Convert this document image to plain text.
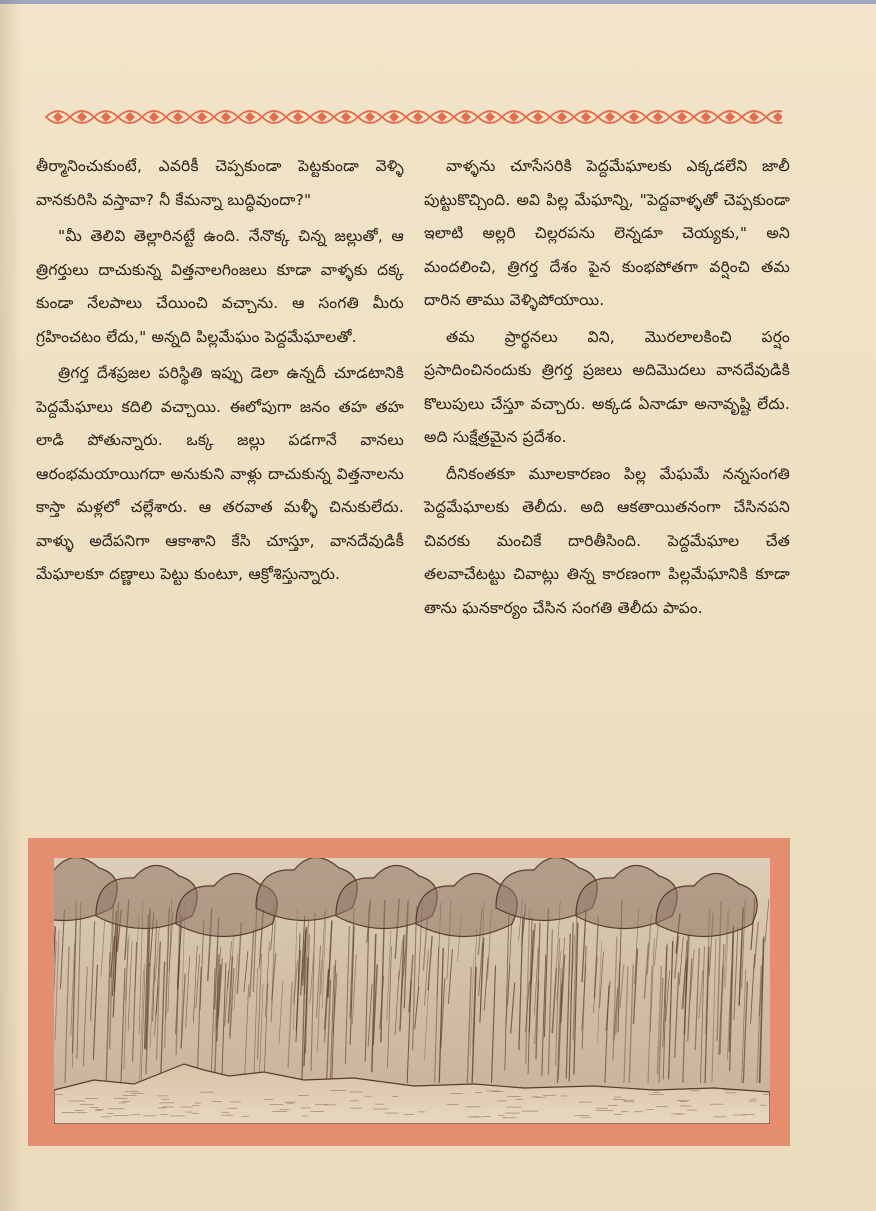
తీర్మానించుకుంటే, ఎవరికీ చెప్పకుండా పెట్టకుండా వెళ్ళి వానకురిసి వస్తావా? నీ కేమన్నా బుద్ధివుందా?"

"మీ తెలివి తెల్లారినట్టే ఉంది. నేనొక్క చిన్న జల్లుతో, ఆ త్రిగర్తులు దాచుకున్న విత్తనాలగింజలు కూడా వాళ్ళకు దక్క కుండా నేలపాలు చేయించి వచ్చాను. ఆ సంగతి మీరు గ్రహించటం లేదు," అన్నది పిల్లమేఘం పెద్దమేఘాలతో.

త్రిగర్త దేశప్రజల పరిస్థితి ఇప్పు డెలా ఉన్నదీ చూడటానికి పెద్దమేఘాలు కదిలి వచ్చాయి. ఈలోపుగా జనం తహ తహ లాడి పోతున్నారు. ఒక్క జల్లు పడగానే వానలు ఆరంభమయాయిగదా అనుకుని వాళ్లు దాచుకున్న విత్తనాలను కాస్తా మళ్లలో చల్లేశారు. ఆ తరవాత మళ్ళీ చినుకులేదు. వాళ్ళు అదేపనిగా ఆకాశాని కేసి చూస్తూ, వానదేవుడికీ మేఘాలకూ దణ్ణాలు పెట్టు కుంటూ, ఆక్రోశిస్తున్నారు.

వాళ్ళను చూసేసరికి పెద్దమేఘాలకు ఎక్కడలేని జాలీ పుట్టుకొచ్చింది. అవి పిల్ల మేఘాన్ని, "పెద్దవాళ్ళతో చెప్పకుండా ఇలాటి అల్లరి చిల్లరపను లెన్నడూ చెయ్యకు," అని మందలించి, త్రిగర్త దేశం పైన కుంభపోతగా వర్షించి తమ దారిన తాము వెళ్ళిపోయాయి.

తమ ప్రార్థనలు విని, మొరలాలకించి పర్షం ప్రసాదించినందుకు త్రిగర్త ప్రజలు అదిమొదలు వానదేవుడికి కొలుపులు చేస్తూ వచ్చారు. అక్కడ ఏనాడూ అనావృష్టి లేదు. అది సుక్షేత్రమైన ప్రదేశం.

దీనికంతకూ మూలకారణం పిల్ల మేఘమే నన్నసంగతి పెద్దమేఘాలకు తెలీదు. అది ఆకతాయితనంగా చేసినపని చివరకు మంచికే దారితీసింది. పెద్దమేఘాల చేత తలవాచేటట్టు చివాట్లు తిన్న కారణంగా పిల్లమేఘానికి కూడా తాను ఘనకార్యం చేసిన సంగతి తెలీదు పాపం.
